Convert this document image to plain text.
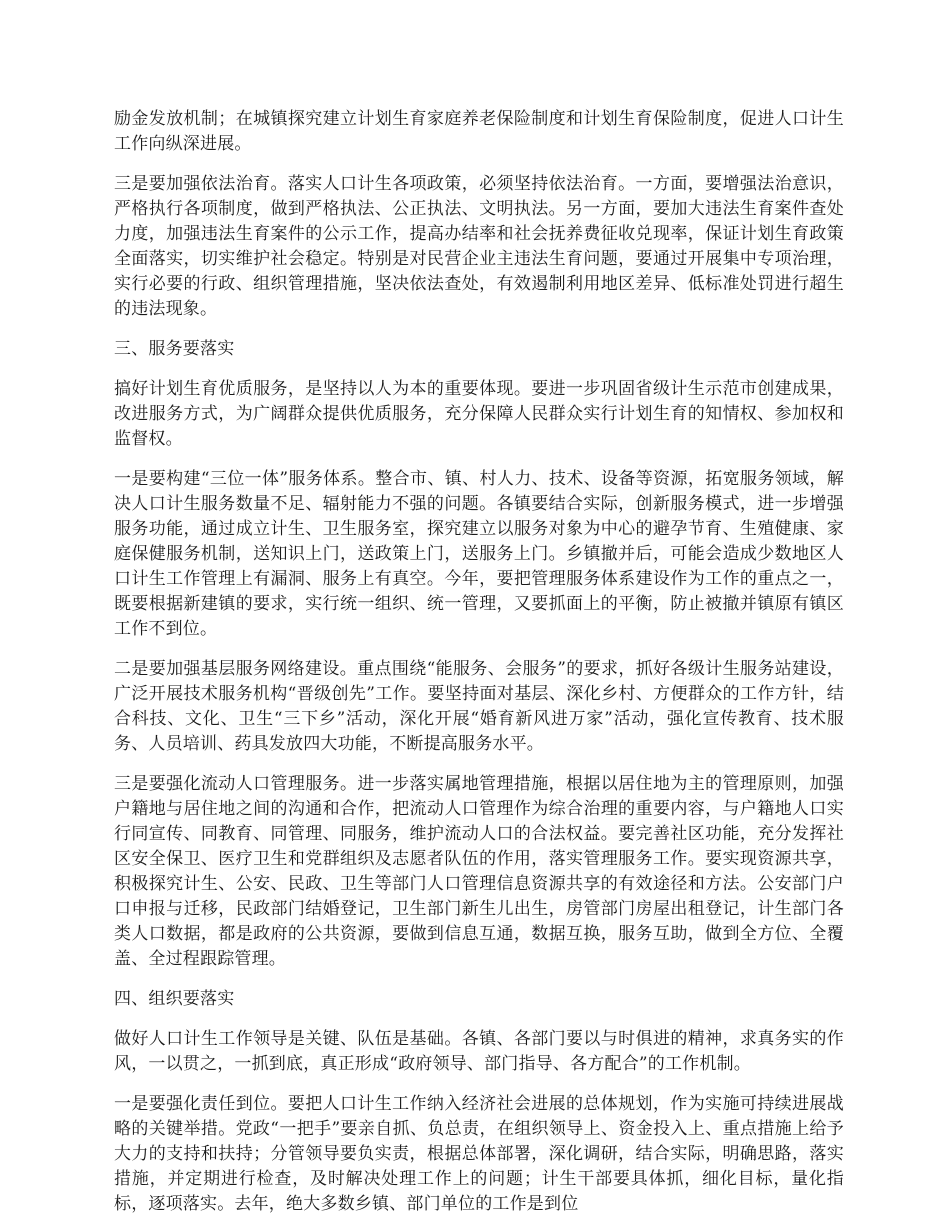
励金发放机制；在城镇探究建立计划生育家庭养老保险制度和计划生育保险制度，促进人口计生工作向纵深进展。

三是要加强依法治育。落实人口计生各项政策，必须坚持依法治育。一方面，要增强法治意识，严格执行各项制度，做到严格执法、公正执法、文明执法。另一方面，要加大违法生育案件查处力度，加强违法生育案件的公示工作，提高办结率和社会抚养费征收兑现率，保证计划生育政策全面落实，切实维护社会稳定。特别是对民营企业主违法生育问题，要通过开展集中专项治理，实行必要的行政、组织管理措施，坚决依法查处，有效遏制利用地区差异、低标准处罚进行超生的违法现象。

三、服务要落实

搞好计划生育优质服务，是坚持以人为本的重要体现。要进一步巩固省级计生示范市创建成果，改进服务方式，为广阔群众提供优质服务，充分保障人民群众实行计划生育的知情权、参加权和监督权。

一是要构建“三位一体”服务体系。整合市、镇、村人力、技术、设备等资源，拓宽服务领域，解决人口计生服务数量不足、辐射能力不强的问题。各镇要结合实际，创新服务模式，进一步增强服务功能，通过成立计生、卫生服务室，探究建立以服务对象为中心的避孕节育、生殖健康、家庭保健服务机制，送知识上门，送政策上门，送服务上门。乡镇撤并后，可能会造成少数地区人口计生工作管理上有漏洞、服务上有真空。今年，要把管理服务体系建设作为工作的重点之一，既要根据新建镇的要求，实行统一组织、统一管理，又要抓面上的平衡，防止被撤并镇原有镇区工作不到位。

二是要加强基层服务网络建设。重点围绕“能服务、会服务”的要求，抓好各级计生服务站建设，广泛开展技术服务机构“晋级创先”工作。要坚持面对基层、深化乡村、方便群众的工作方针，结合科技、文化、卫生“三下乡”活动，深化开展“婚育新风进万家”活动，强化宣传教育、技术服务、人员培训、药具发放四大功能，不断提高服务水平。

三是要强化流动人口管理服务。进一步落实属地管理措施，根据以居住地为主的管理原则，加强户籍地与居住地之间的沟通和合作，把流动人口管理作为综合治理的重要内容，与户籍地人口实行同宣传、同教育、同管理、同服务，维护流动人口的合法权益。要完善社区功能，充分发挥社区安全保卫、医疗卫生和党群组织及志愿者队伍的作用，落实管理服务工作。要实现资源共享，积极探究计生、公安、民政、卫生等部门人口管理信息资源共享的有效途径和方法。公安部门户口申报与迁移，民政部门结婚登记，卫生部门新生儿出生，房管部门房屋出租登记，计生部门各类人口数据，都是政府的公共资源，要做到信息互通，数据互换，服务互助，做到全方位、全覆盖、全过程跟踪管理。

四、组织要落实

做好人口计生工作领导是关键、队伍是基础。各镇、各部门要以与时俱进的精神，求真务实的作风，一以贯之，一抓到底，真正形成“政府领导、部门指导、各方配合”的工作机制。

一是要强化责任到位。要把人口计生工作纳入经济社会进展的总体规划，作为实施可持续进展战略的关键举措。党政“一把手”要亲自抓、负总责，在组织领导上、资金投入上、重点措施上给予大力的支持和扶持；分管领导要负实责，根据总体部署，深化调研，结合实际，明确思路，落实措施，并定期进行检查，及时解决处理工作上的问题；计生干部要具体抓，细化目标，量化指标，逐项落实。去年，绝大多数乡镇、部门单位的工作是到位
